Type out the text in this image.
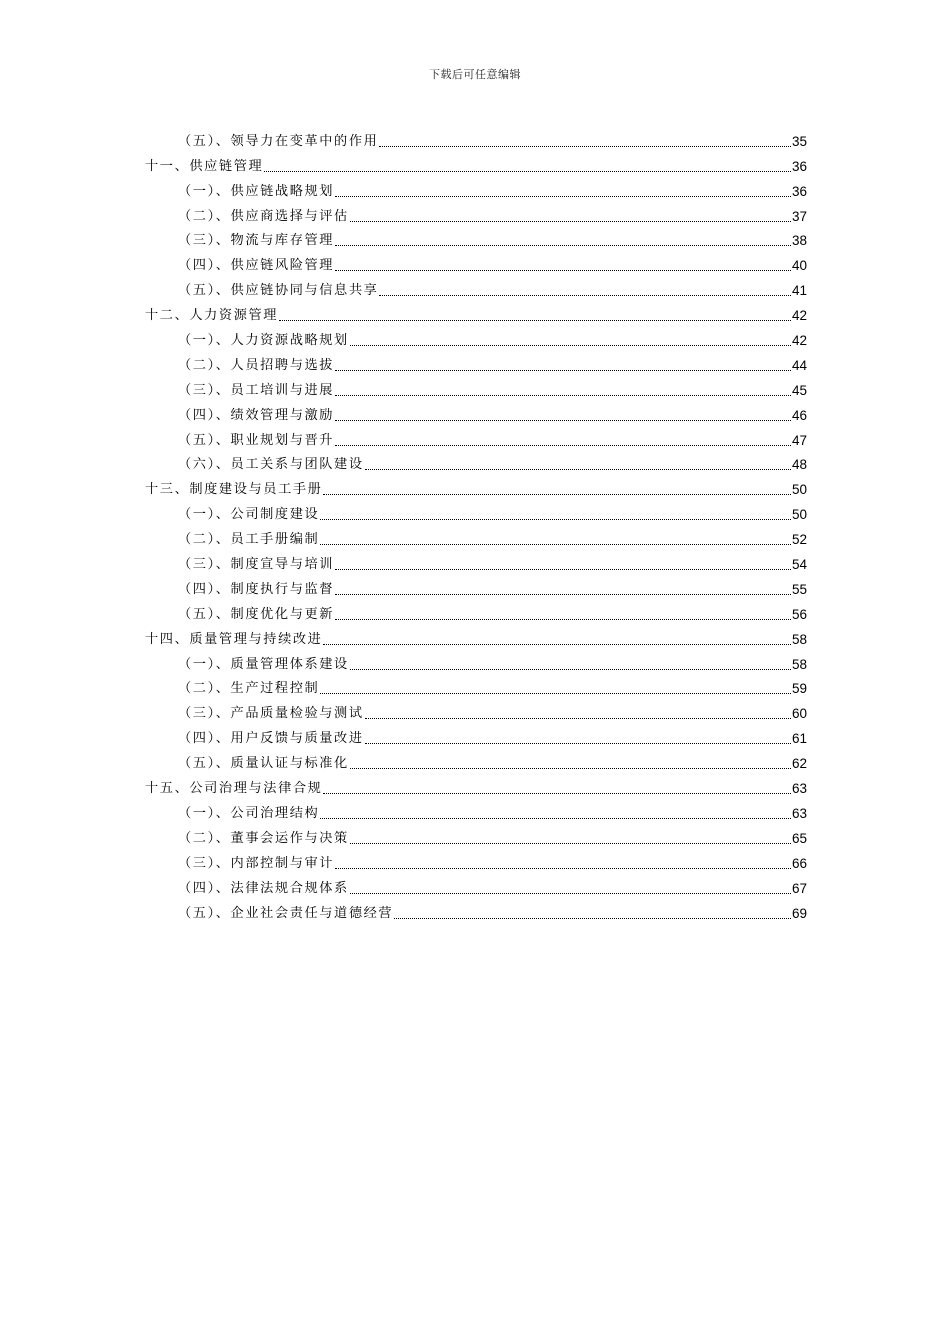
下载后可任意编辑
（五）、领导力在变革中的作用	35
十一、供应链管理	36
（一）、供应链战略规划	36
（二）、供应商选择与评估	37
（三）、物流与库存管理	38
（四）、供应链风险管理	40
（五）、供应链协同与信息共享	41
十二、人力资源管理	42
（一）、人力资源战略规划	42
（二）、人员招聘与选拔	44
（三）、员工培训与进展	45
（四）、绩效管理与激励	46
（五）、职业规划与晋升	47
（六）、员工关系与团队建设	48
十三、制度建设与员工手册	50
（一）、公司制度建设	50
（二）、员工手册编制	52
（三）、制度宣导与培训	54
（四）、制度执行与监督	55
（五）、制度优化与更新	56
十四、质量管理与持续改进	58
（一）、质量管理体系建设	58
（二）、生产过程控制	59
（三）、产品质量检验与测试	60
（四）、用户反馈与质量改进	61
（五）、质量认证与标准化	62
十五、公司治理与法律合规	63
（一）、公司治理结构	63
（二）、董事会运作与决策	65
（三）、内部控制与审计	66
（四）、法律法规合规体系	67
（五）、企业社会责任与道德经营	69
